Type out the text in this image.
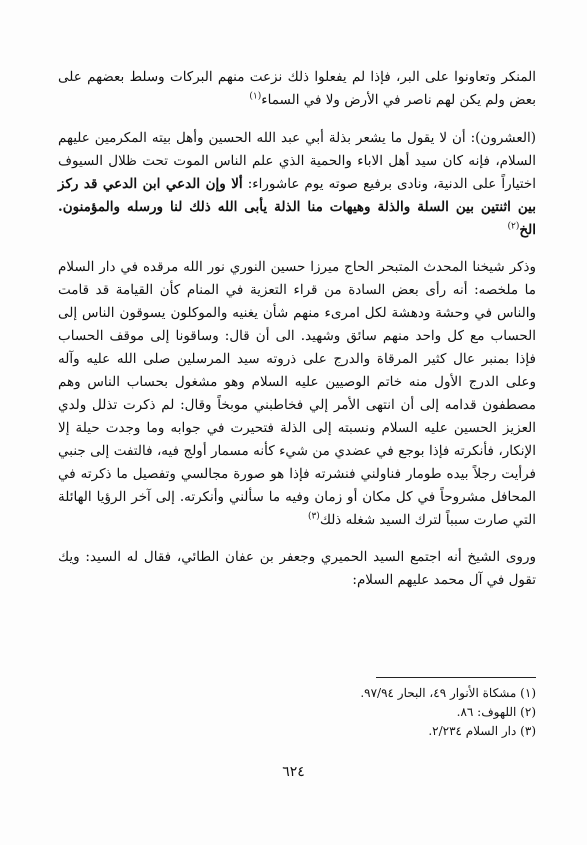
المنكر وتعاونوا على البر، فإذا لم يفعلوا ذلك نزعت منهم البركات وسلط بعضهم على بعض ولم يكن لهم ناصر في الأرض ولا في السماء$^{(١)}$

(العشرون): أن لا يقول ما يشعر بذلة أبي عبد الله الحسين وأهل بيته المكرمين عليهم السلام، فإنه كان سيد أهل الاباء والحمية الذي علم الناس الموت تحت ظلال السيوف اختياراً على الدنية، ونادى برفيع صوته يوم عاشوراء: ألا وإن الدعي ابن الدعي قد ركز بين اثنتين بين السلة والذلة وهيهات منا الذلة يأبى الله ذلك لنا ورسله والمؤمنون. الخ$^{(٢)}$

وذكر شيخنا المحدث المتبحر الحاج ميرزا حسين النوري نور الله مرقده في دار السلام ما ملخصه: أنه رأى بعض السادة من قراء التعزية في المنام كأن القيامة قد قامت والناس في وحشة ودهشة لكل امرىء منهم شأن يغنيه والموكلون يسوقون الناس إلى الحساب مع كل واحد منهم سائق وشهيد. الى أن قال: وساقونا إلى موقف الحساب فإذا بمنبر عال كثير المرقاة والدرج على ذروته سيد المرسلين صلى الله عليه وآله وعلى الدرج الأول منه خاتم الوصيين عليه السلام وهو مشغول بحساب الناس وهم مصطفون قدامه إلى أن انتهى الأمر إلي فخاطبني موبخاً وقال: لم ذكرت تذلل ولدي العزيز الحسين عليه السلام ونسبته إلى الذلة فتحيرت في جوابه وما وجدت حيلة إلا الإنكار، فأنكرته فإذا بوجع في عضدي من شيء كأنه مسمار أولج فيه، فالتفت إلى جنبي فرأيت رجلاً بيده طومار فناولني فنشرته فإذا هو صورة مجالسي وتفصيل ما ذكرته في المحافل مشروحاً في كل مكان أو زمان وفيه ما سألني وأنكرته. إلى آخر الرؤيا الهائلة التي صارت سبباً لترك السيد شغله ذلك$^{(٣)}$

وروى الشيخ أنه اجتمع السيد الحميري وجعفر بن عفان الطائي، فقال له السيد: ويك تقول في آل محمد عليهم السلام:

(١) مشكاة الأنوار ٤٩، البحار ٩٧/٩٤.

(٢) اللهوف: ٨٦.

(٣) دار السلام ٢/٢٣٤.

٦٢٤
